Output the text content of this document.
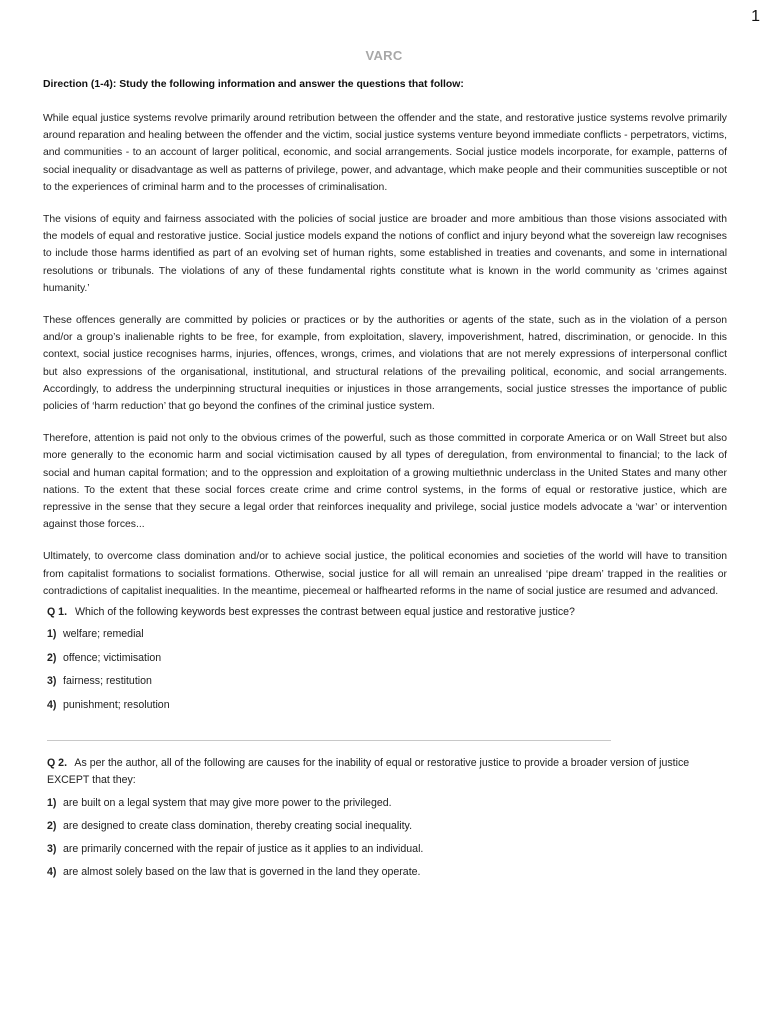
1
VARC
Direction (1-4): Study the following information and answer the questions that follow:

While equal justice systems revolve primarily around retribution between the offender and the state, and restorative justice systems revolve primarily around reparation and healing between the offender and the victim, social justice systems venture beyond immediate conflicts - perpetrators, victims, and communities - to an account of larger political, economic, and social arrangements. Social justice models incorporate, for example, patterns of social inequality or disadvantage as well as patterns of privilege, power, and advantage, which make people and their communities susceptible or not to the experiences of criminal harm and to the processes of criminalisation.

The visions of equity and fairness associated with the policies of social justice are broader and more ambitious than those visions associated with the models of equal and restorative justice. Social justice models expand the notions of conflict and injury beyond what the sovereign law recognises to include those harms identified as part of an evolving set of human rights, some established in treaties and covenants, and some in international resolutions or tribunals. The violations of any of these fundamental rights constitute what is known in the world community as ‘crimes against humanity.’

These offences generally are committed by policies or practices or by the authorities or agents of the state, such as in the violation of a person and/or a group’s inalienable rights to be free, for example, from exploitation, slavery, impoverishment, hatred, discrimination, or genocide. In this context, social justice recognises harms, injuries, offences, wrongs, crimes, and violations that are not merely expressions of interpersonal conflict but also expressions of the organisational, institutional, and structural relations of the prevailing political, economic, and social arrangements. Accordingly, to address the underpinning structural inequities or injustices in those arrangements, social justice stresses the importance of public policies of ‘harm reduction’ that go beyond the confines of the criminal justice system.

Therefore, attention is paid not only to the obvious crimes of the powerful, such as those committed in corporate America or on Wall Street but also more generally to the economic harm and social victimisation caused by all types of deregulation, from environmental to financial; to the lack of social and human capital formation; and to the oppression and exploitation of a growing multiethnic underclass in the United States and many other nations. To the extent that these social forces create crime and crime control systems, in the forms of equal or restorative justice, which are repressive in the sense that they secure a legal order that reinforces inequality and privilege, social justice models advocate a ‘war’ or intervention against those forces...

Ultimately, to overcome class domination and/or to achieve social justice, the political economies and societies of the world will have to transition from capitalist formations to socialist formations. Otherwise, social justice for all will remain an unrealised ‘pipe dream’ trapped in the realities or contradictions of capitalist inequalities. In the meantime, piecemeal or halfhearted reforms in the name of social justice are resumed and advanced.

Q 1. Which of the following keywords best expresses the contrast between equal justice and restorative justice?
1) welfare; remedial
2) offence; victimisation
3) fairness; restitution
4) punishment; resolution
Q 2. As per the author, all of the following are causes for the inability of equal or restorative justice to provide a broader version of justice EXCEPT that they:
1) are built on a legal system that may give more power to the privileged.
2) are designed to create class domination, thereby creating social inequality.
3) are primarily concerned with the repair of justice as it applies to an individual.
4) are almost solely based on the law that is governed in the land they operate.
